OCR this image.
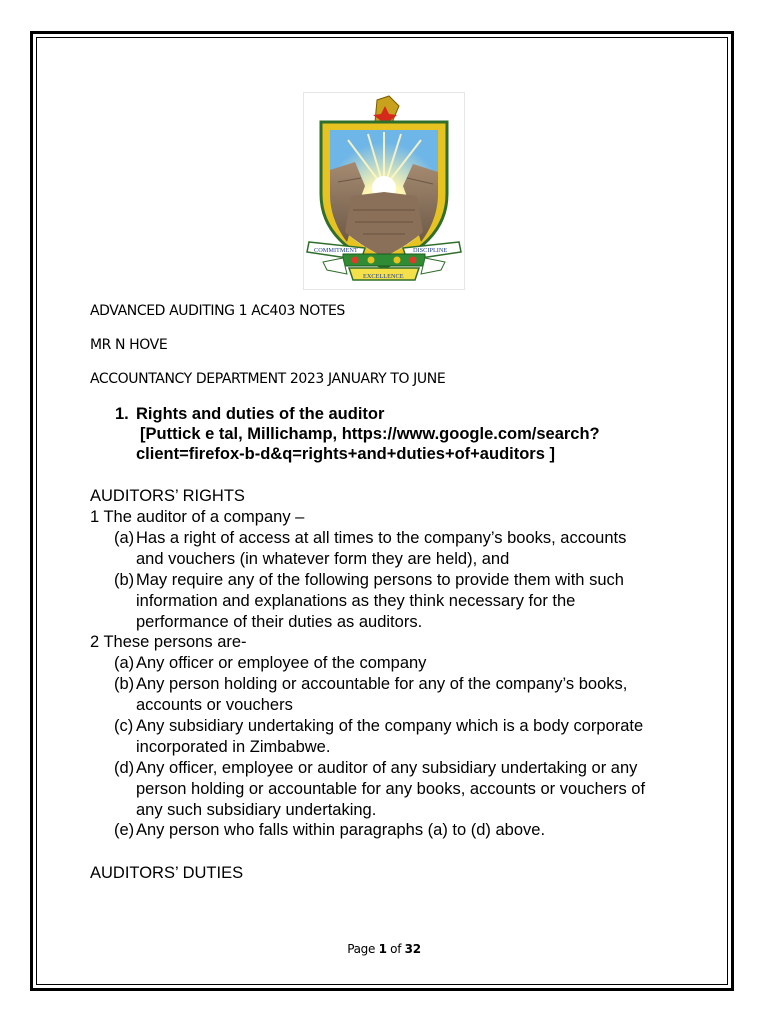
COMMITMENT	DISCIPLINE
EXCELLENCE
ADVANCED AUDITING 1 AC403 NOTES
MR N HOVE
ACCOUNTANCY DEPARTMENT 2023 JANUARY TO JUNE
1. Rights and duties of the auditor
[Puttick e tal, Millichamp, https://www.google.com/search?
client=firefox-b-d&q=rights+and+duties+of+auditors ]
AUDITORS’ RIGHTS
1 The auditor of a company –
(a) Has a right of access at all times to the company’s books, accounts
and vouchers (in whatever form they are held), and
(b) May require any of the following persons to provide them with such
information and explanations as they think necessary for the
performance of their duties as auditors.
2 These persons are-
(a) Any officer or employee of the company
(b) Any person holding or accountable for any of the company’s books,
accounts or vouchers
(c) Any subsidiary undertaking of the company which is a body corporate
incorporated in Zimbabwe.
(d) Any officer, employee or auditor of any subsidiary undertaking or any
person holding or accountable for any books, accounts or vouchers of
any such subsidiary undertaking.
(e) Any person who falls within paragraphs (a) to (d) above.
AUDITORS’ DUTIES
Page 1 of 32
